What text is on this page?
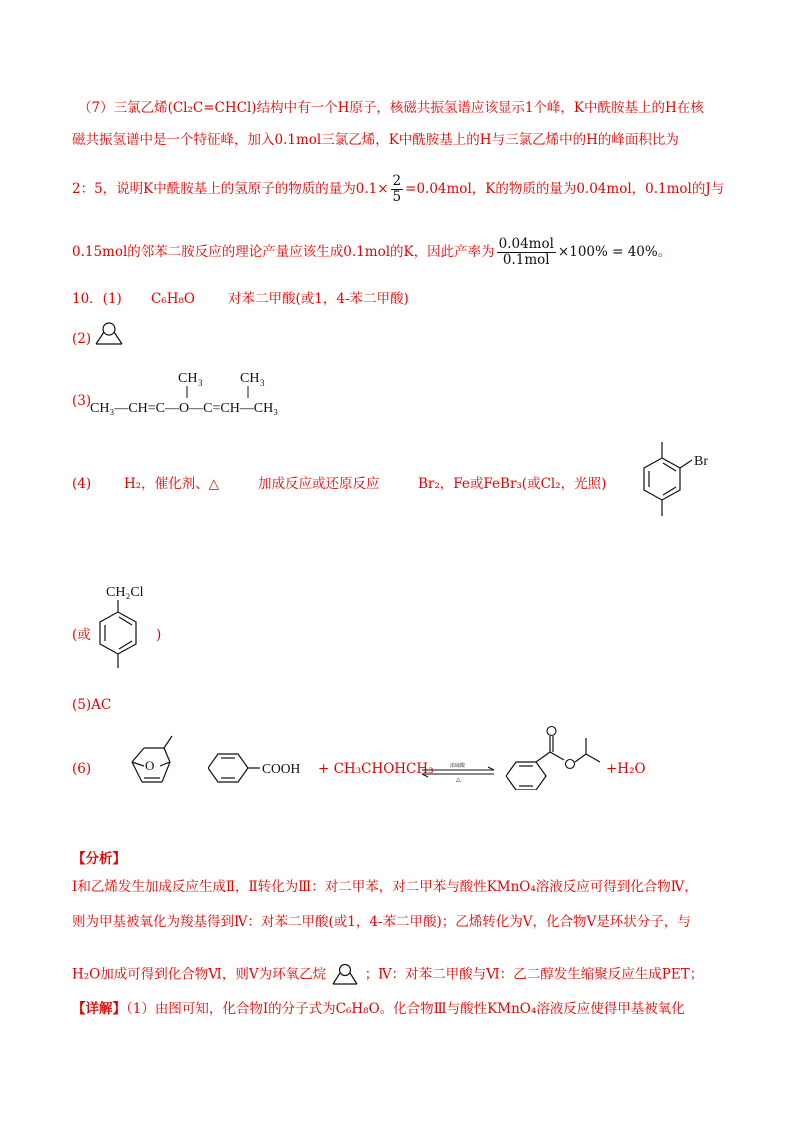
（7）三氯乙烯(Cl₂C=CHCl)结构中有一个H原子，核磁共振氢谱应该显示1个峰，K中酰胺基上的H在核
磁共振氢谱中是一个特征峰，加入0.1mol三氯乙烯，K中酰胺基上的H与三氯乙烯中的H的峰面积比为
2：5，说明K中酰胺基上的氢原子的物质的量为$0.1\times \frac{2}{5} =0.04mol$，K的物质的量为0.04mol，0.1mol的J与
0.15mol的邻苯二胺反应的理论产量应该生成0.1mol的K，因此产率为 $\frac{\text{0.04mol}}{\text{0.1mol}} \times 100\% = 40\%$。
10．(1) C₆H₈O 对苯二甲酸(或1，4-苯二甲酸)
(2)
(3)
CH 3	CH 3
CH₃—CH=C—O—C=CH—CH₃
(4) H₂，催化剂、△	加成反应或还原反应	Br₂，Fe或FeBr₃(或Cl₂，光照)
Br
(或
CH₂Cl
)
(5)AC
(6)	O	COOH + CH₃CHOHCH₃	浓硫酸
△
+H₂O
【分析】
Ⅰ和乙烯发生加成反应生成Ⅱ，Ⅱ转化为Ⅲ：对二甲苯，对二甲苯与酸性KMnO₄溶液反应可得到化合物Ⅳ，
则为甲基被氧化为羧基得到Ⅳ：对苯二甲酸(或1，4-苯二甲酸)；乙烯转化为Ⅴ，化合物Ⅴ是环状分子，与
H₂O加成可得到化合物Ⅵ，则Ⅴ为环氧乙烷	；Ⅳ：对苯二甲酸与Ⅵ：乙二醇发生缩聚反应生成PET；
【详解】（1）由图可知，化合物Ⅰ的分子式为C₆H₈O。化合物Ⅲ与酸性KMnO₄溶液反应使得甲基被氧化
